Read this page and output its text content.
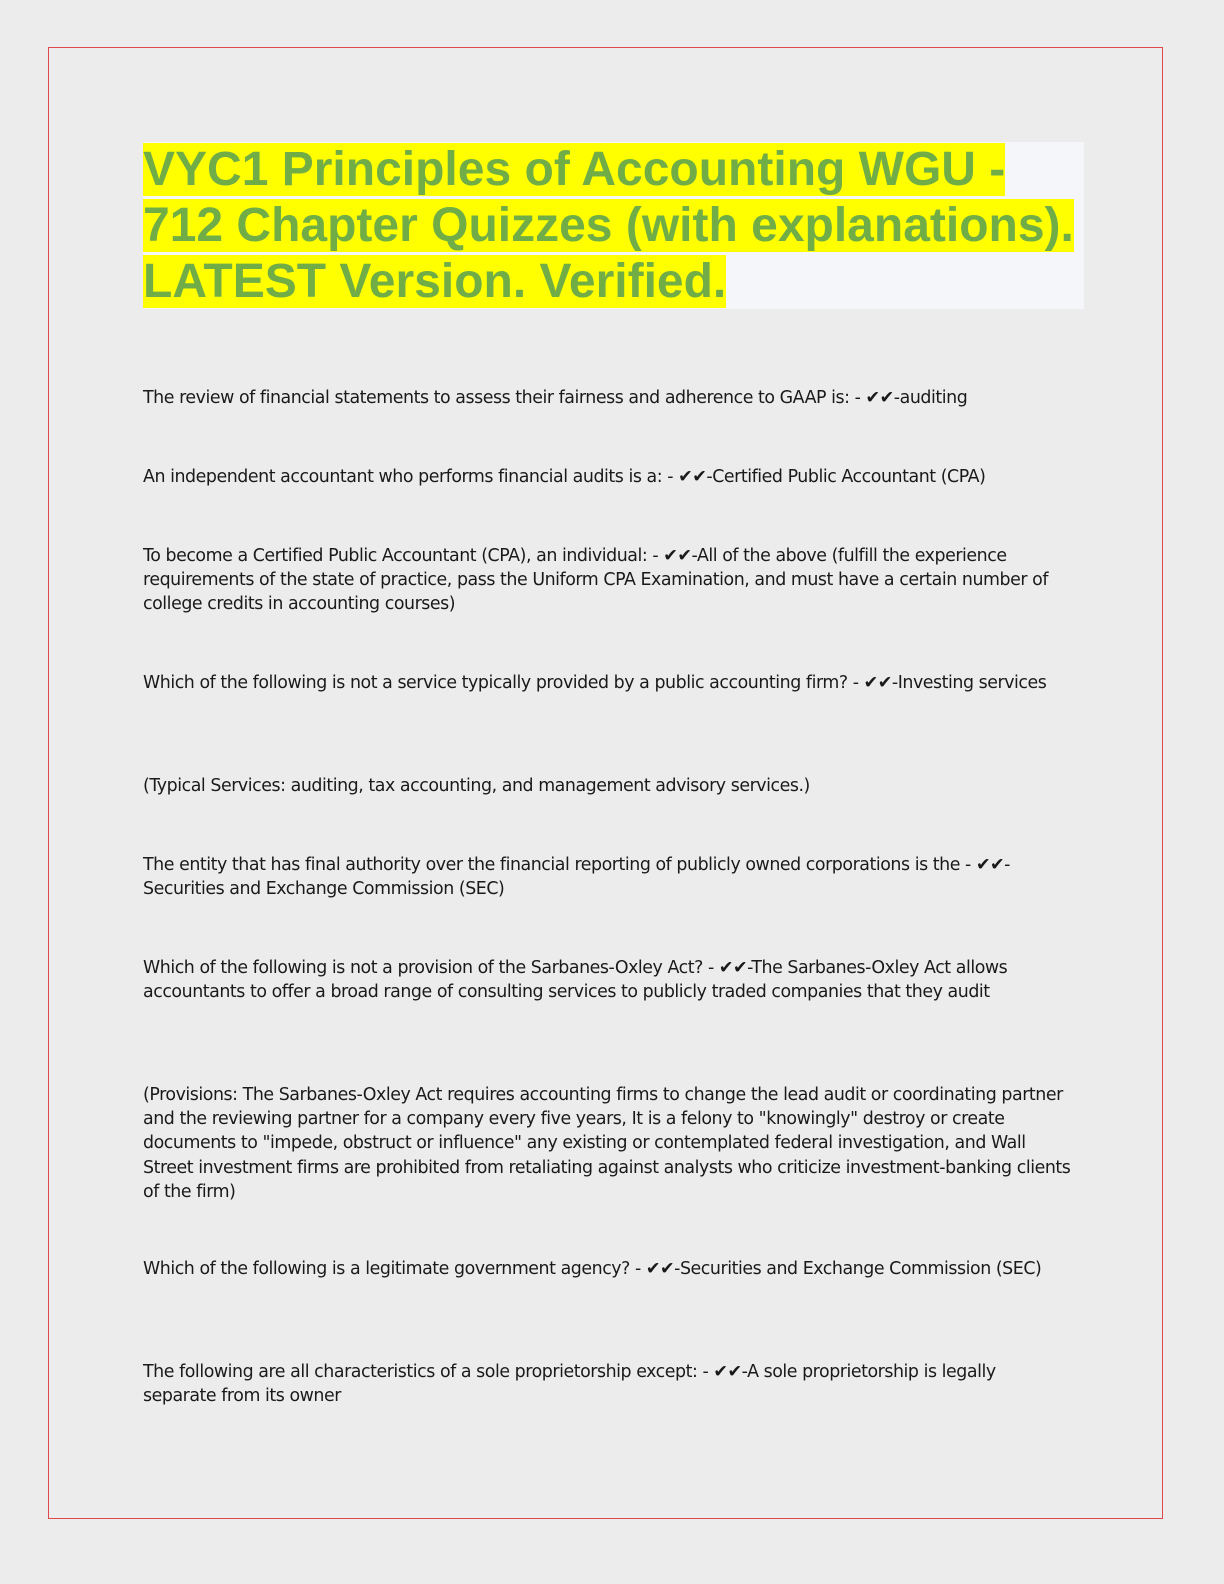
VYC1 Principles of Accounting WGU - 712 Chapter Quizzes (with explanations). LATEST Version. Verified.

The review of financial statements to assess their fairness and adherence to GAAP is: - ✔✔-auditing

An independent accountant who performs financial audits is a: - ✔✔-Certified Public Accountant (CPA)

To become a Certified Public Accountant (CPA), an individual: - ✔✔-All of the above (fulfill the experience requirements of the state of practice, pass the Uniform CPA Examination, and must have a certain number of college credits in accounting courses)

Which of the following is not a service typically provided by a public accounting firm? - ✔✔-Investing services

(Typical Services: auditing, tax accounting, and management advisory services.)

The entity that has final authority over the financial reporting of publicly owned corporations is the - ✔✔-Securities and Exchange Commission (SEC)

Which of the following is not a provision of the Sarbanes-Oxley Act? - ✔✔-The Sarbanes-Oxley Act allows accountants to offer a broad range of consulting services to publicly traded companies that they audit

(Provisions: The Sarbanes-Oxley Act requires accounting firms to change the lead audit or coordinating partner and the reviewing partner for a company every five years, It is a felony to "knowingly" destroy or create documents to "impede, obstruct or influence" any existing or contemplated federal investigation, and Wall Street investment firms are prohibited from retaliating against analysts who criticize investment-banking clients of the firm)

Which of the following is a legitimate government agency? - ✔✔-Securities and Exchange Commission (SEC)

The following are all characteristics of a sole proprietorship except: - ✔✔-A sole proprietorship is legally separate from its owner
